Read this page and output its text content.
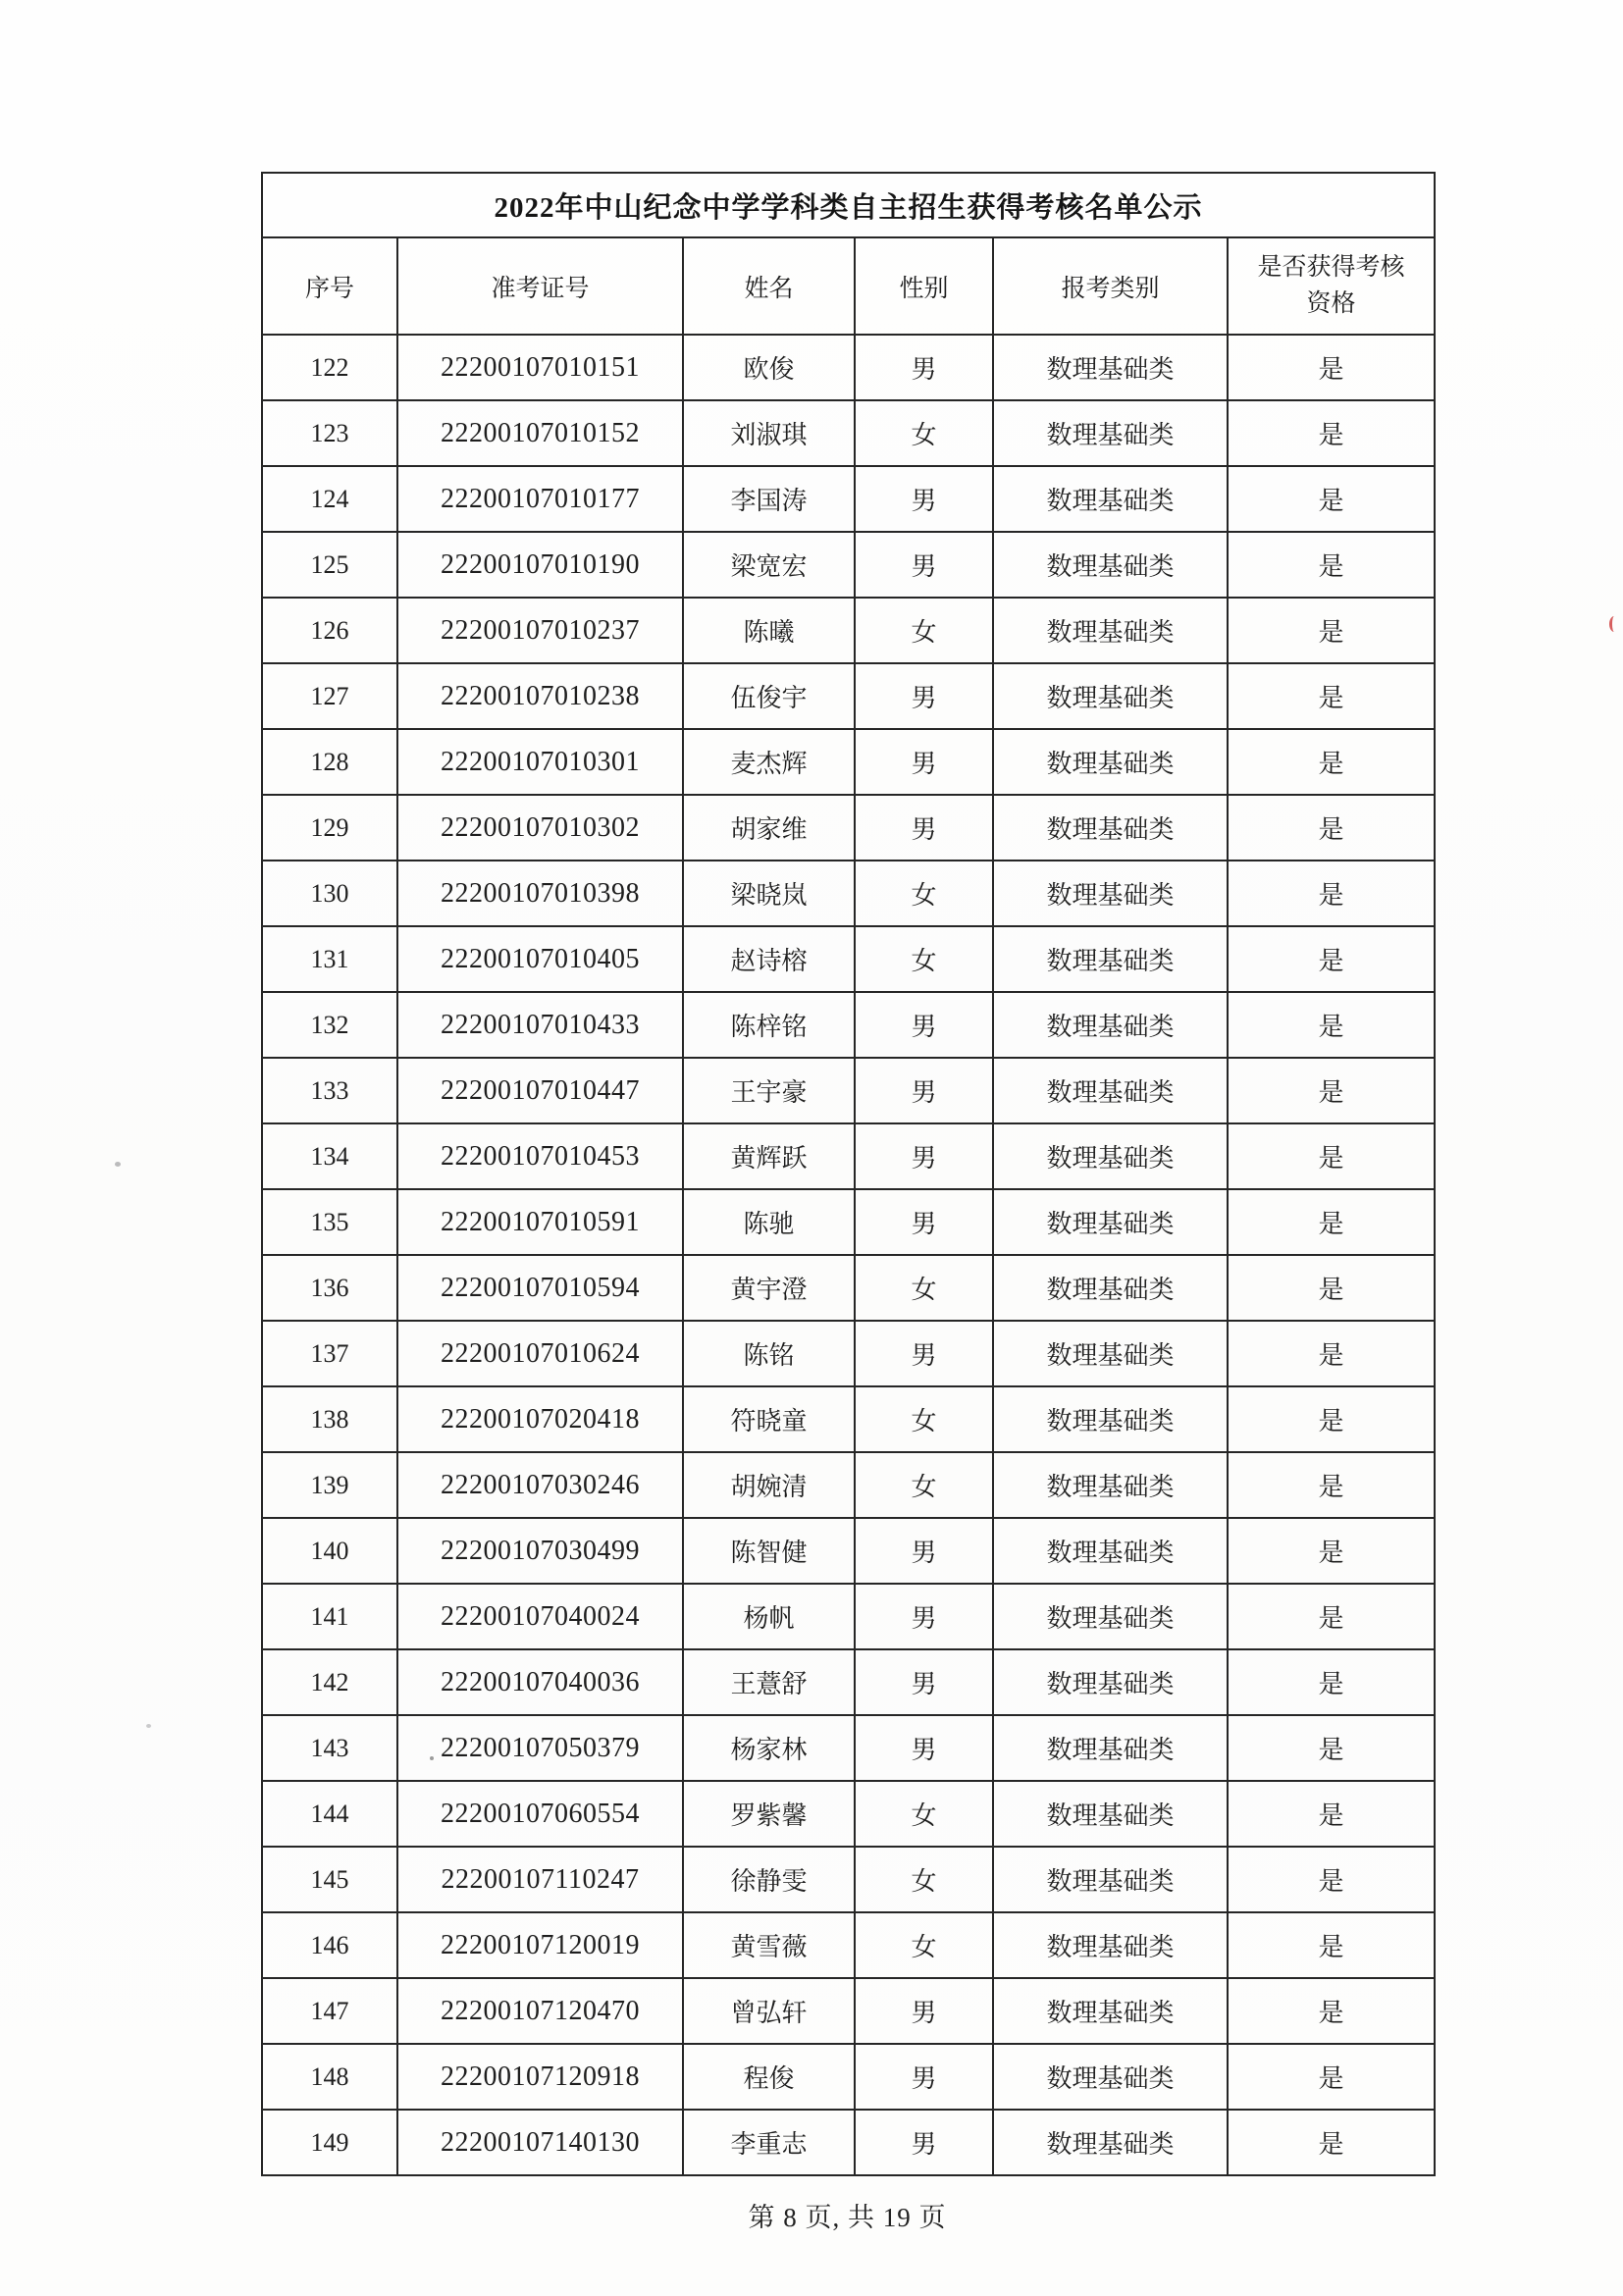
2022年中山纪念中学学科类自主招生获得考核名单公示					
序号	准考证号	姓名	性别	报考类别	是否获得考核资格
122	22200107010151	欧俊	男	数理基础类	是
123	22200107010152	刘淑琪	女	数理基础类	是
124	22200107010177	李国涛	男	数理基础类	是
125	22200107010190	梁宽宏	男	数理基础类	是
126	22200107010237	陈曦	女	数理基础类	是
127	22200107010238	伍俊宇	男	数理基础类	是
128	22200107010301	麦杰辉	男	数理基础类	是
129	22200107010302	胡家维	男	数理基础类	是
130	22200107010398	梁晓岚	女	数理基础类	是
131	22200107010405	赵诗榕	女	数理基础类	是
132	22200107010433	陈梓铭	男	数理基础类	是
133	22200107010447	王宇豪	男	数理基础类	是
134	22200107010453	黄辉跃	男	数理基础类	是
135	22200107010591	陈驰	男	数理基础类	是
136	22200107010594	黄宇澄	女	数理基础类	是
137	22200107010624	陈铭	男	数理基础类	是
138	22200107020418	符晓童	女	数理基础类	是
139	22200107030246	胡婉清	女	数理基础类	是
140	22200107030499	陈智健	男	数理基础类	是
141	22200107040024	杨帆	男	数理基础类	是
142	22200107040036	王薏舒	男	数理基础类	是
143	22200107050379	杨家林	男	数理基础类	是
144	22200107060554	罗紫馨	女	数理基础类	是
145	22200107110247	徐静雯	女	数理基础类	是
146	22200107120019	黄雪薇	女	数理基础类	是
147	22200107120470	曾弘轩	男	数理基础类	是
148	22200107120918	程俊	男	数理基础类	是
149	22200107140130	李重志	男	数理基础类	是
第 8 页, 共 19 页
